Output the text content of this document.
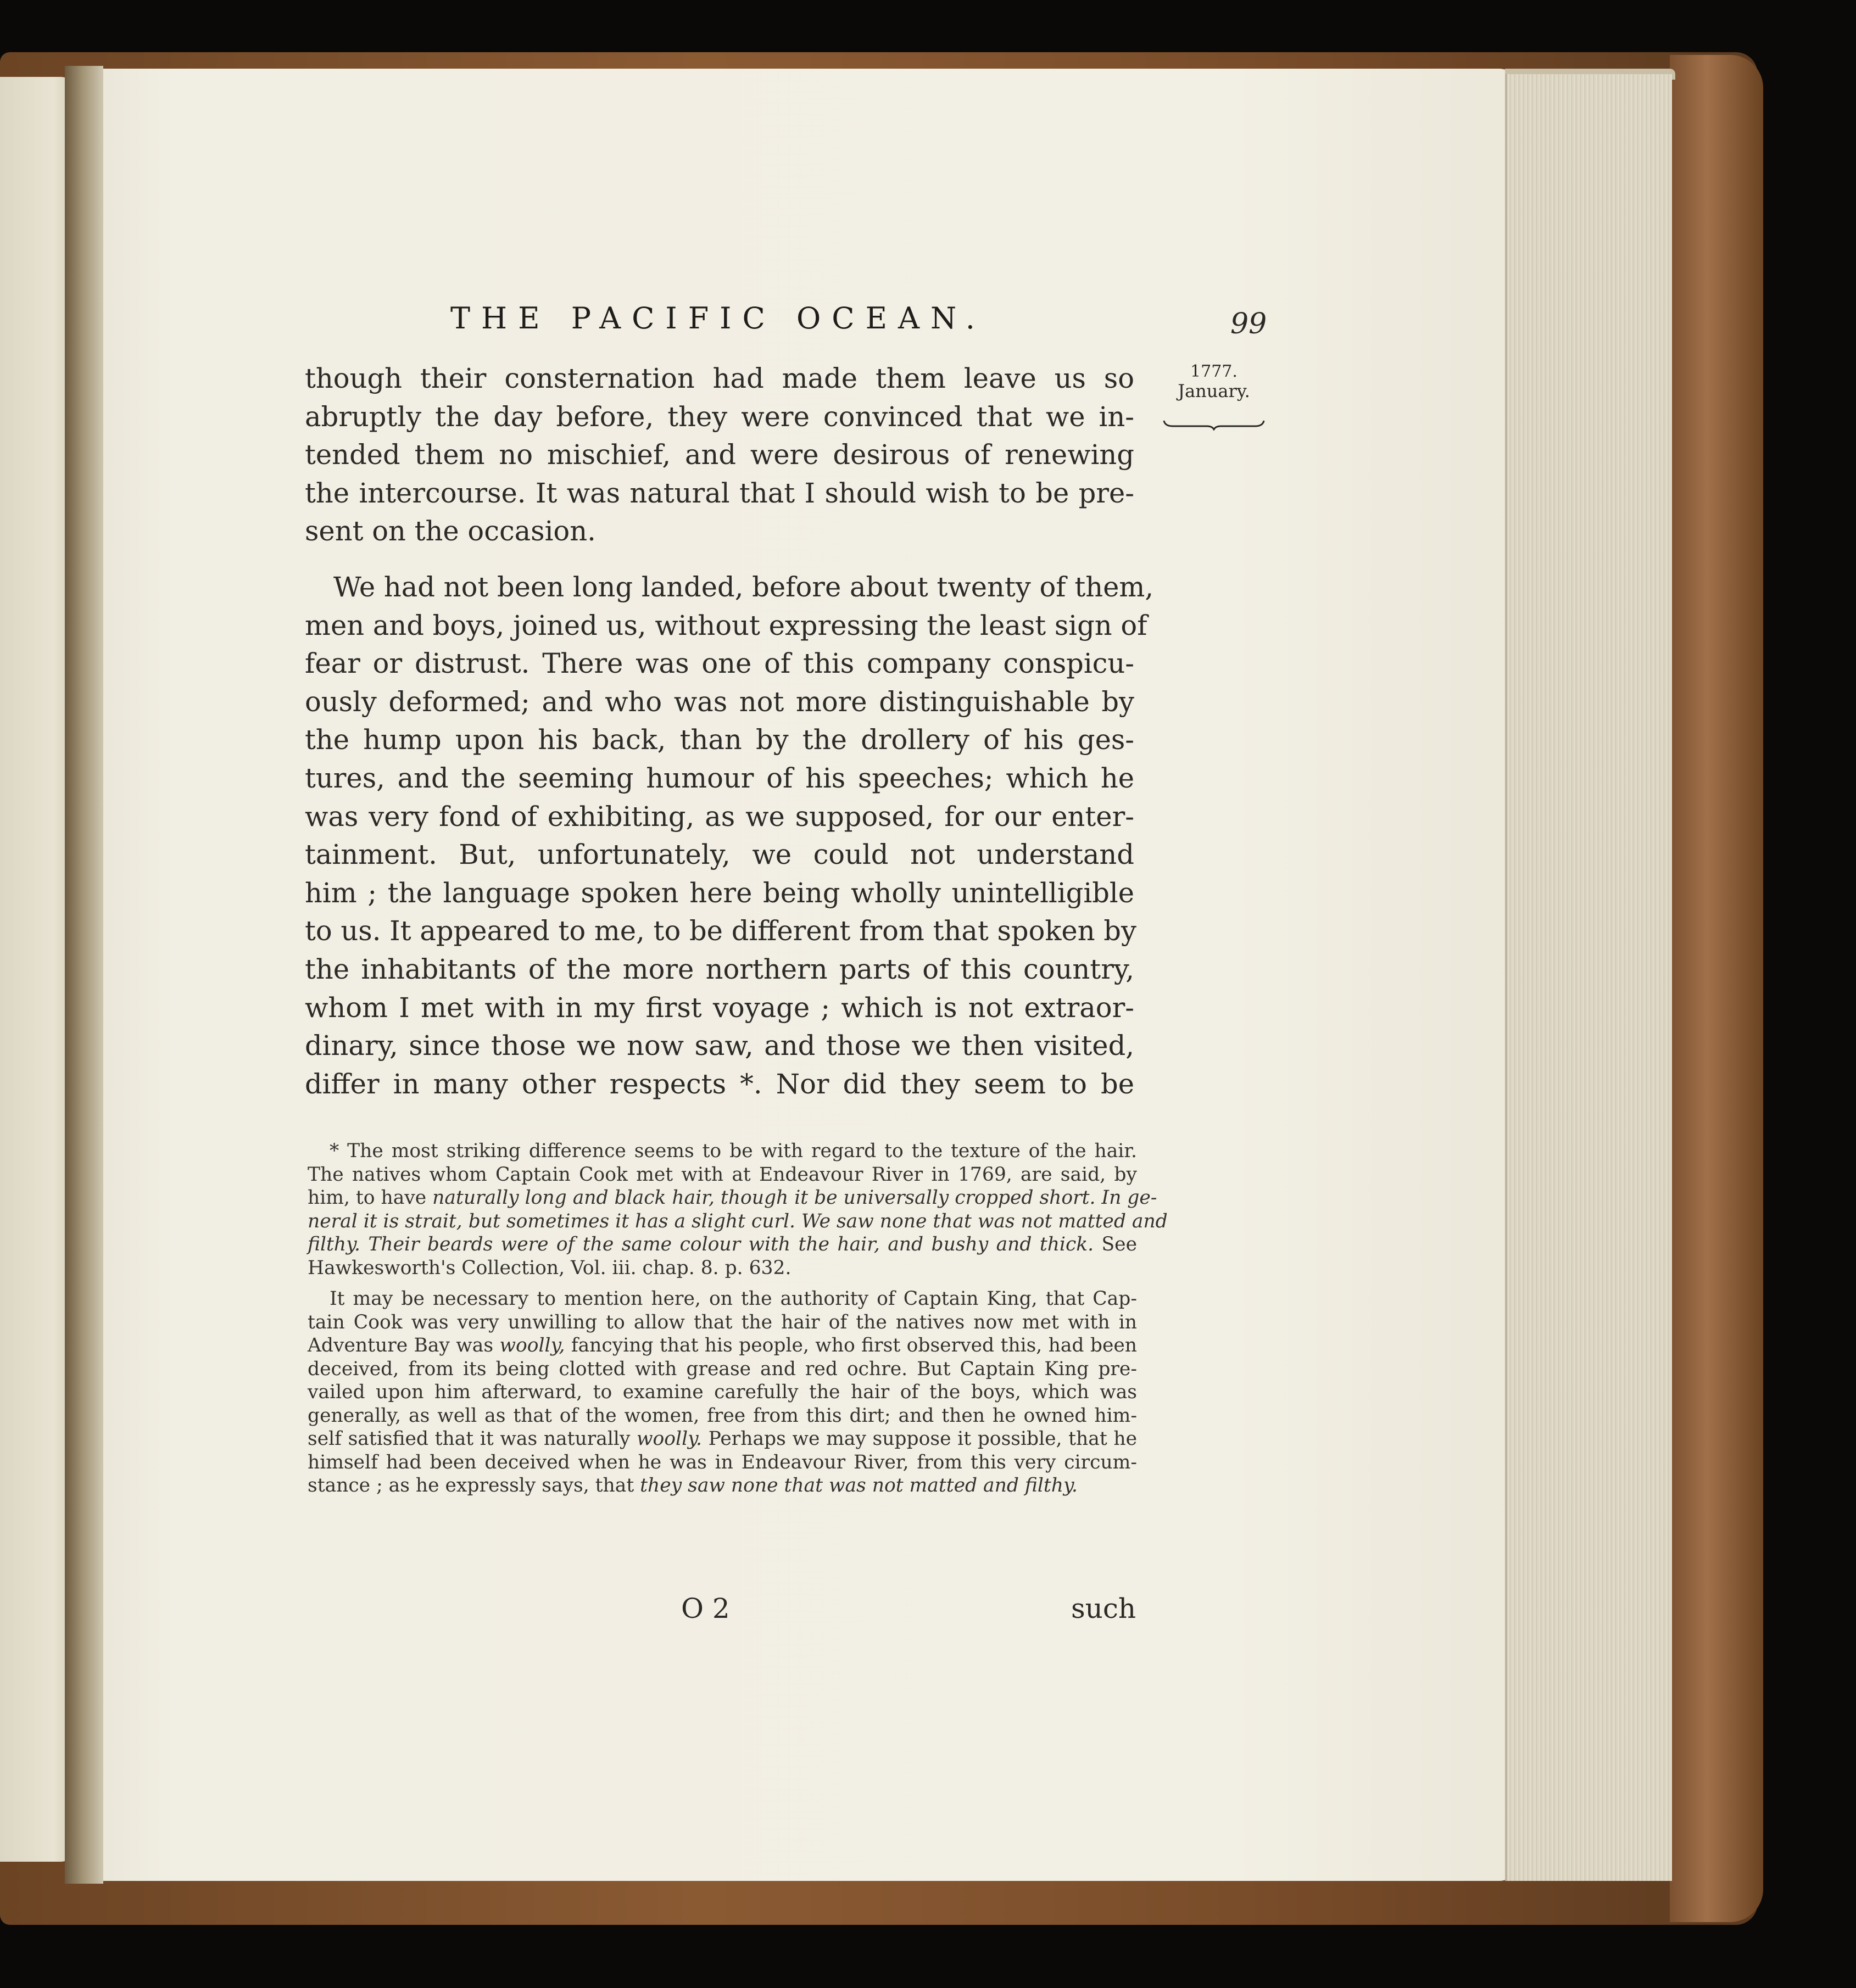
THE PACIFIC OCEAN.	99
1777.
January.
though their consternation had made them leave us so
abruptly the day before, they were convinced that we in-
tended them no mischief, and were desirous of renewing
the intercourse. It was natural that I should wish to be pre-
sent on the occasion.
We had not been long landed, before about twenty of them,
men and boys, joined us, without expressing the least sign of
fear or distrust. There was one of this company conspicu-
ously deformed; and who was not more distinguishable by
the hump upon his back, than by the drollery of his ges-
tures, and the seeming humour of his speeches; which he
was very fond of exhibiting, as we supposed, for our enter-
tainment. But, unfortunately, we could not understand
him ; the language spoken here being wholly unintelligible
to us. It appeared to me, to be different from that spoken by
the inhabitants of the more northern parts of this country,
whom I met with in my first voyage ; which is not extraor-
dinary, since those we now saw, and those we then visited,
differ in many other respects *. Nor did they seem to be
* The most striking difference seems to be with regard to the texture of the hair.
The natives whom Captain Cook met with at Endeavour River in 1769, are said, by
him, to have naturally long and black hair, though it be universally cropped short. In ge-
neral it is strait, but sometimes it has a slight curl. We saw none that was not matted and
filthy. Their beards were of the same colour with the hair, and bushy and thick. See
Hawkesworth's Collection, Vol. iii. chap. 8. p. 632.
It may be necessary to mention here, on the authority of Captain King, that Cap-
tain Cook was very unwilling to allow that the hair of the natives now met with in
Adventure Bay was woolly, fancying that his people, who first observed this, had been
deceived, from its being clotted with grease and red ochre. But Captain King pre-
vailed upon him afterward, to examine carefully the hair of the boys, which was
generally, as well as that of the women, free from this dirt; and then he owned him-
self satisfied that it was naturally woolly. Perhaps we may suppose it possible, that he
himself had been deceived when he was in Endeavour River, from this very circum-
stance ; as he expressly says, that they saw none that was not matted and filthy.
O 2	such
